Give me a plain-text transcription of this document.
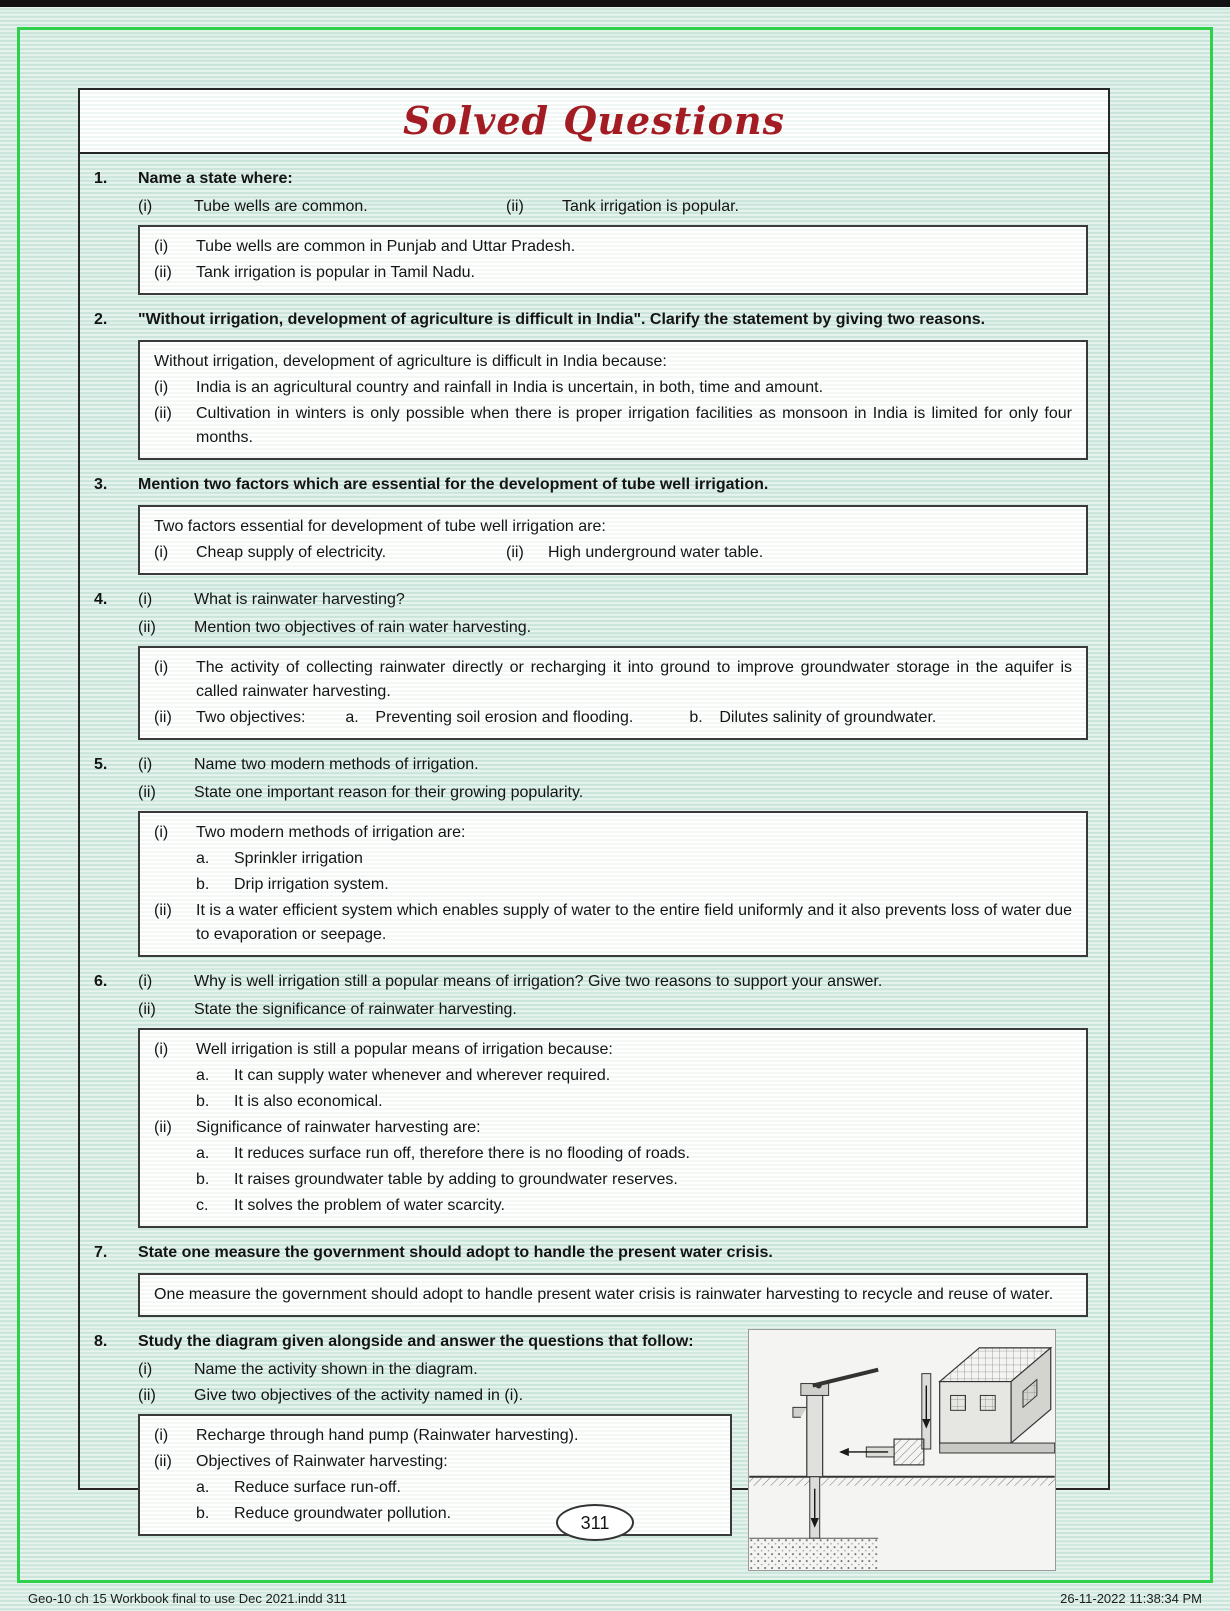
Solved Questions
1.	Name a state where:
(i)	Tube wells are common.	(ii)	Tank irrigation is popular.
(i)	Tube wells are common in Punjab and Uttar Pradesh.
(ii)	Tank irrigation is popular in Tamil Nadu.
2.	"Without irrigation, development of agriculture is difficult in India". Clarify the statement by giving two reasons.
Without irrigation, development of agriculture is difficult in India because:
(i)	India is an agricultural country and rainfall in India is uncertain, in both, time and amount.
(ii)	Cultivation in winters is only possible when there is proper irrigation facilities as monsoon in India is limited for only four months.
3.	Mention two factors which are essential for the development of tube well irrigation.
Two factors essential for development of tube well irrigation are:
(i)	Cheap supply of electricity.	(ii)	High underground water table.
4.	(i)	What is rainwater harvesting?
(ii)	Mention two objectives of rain water harvesting.
(i)	The activity of collecting rainwater directly or recharging it into ground to improve groundwater storage in the aquifer is called rainwater harvesting.
(ii)	Two objectives:	a.	Preventing soil erosion and flooding.	b.	Dilutes salinity of groundwater.
5.	(i)	Name two modern methods of irrigation.
(ii)	State one important reason for their growing popularity.
(i)	Two modern methods of irrigation are:
a.	Sprinkler irrigation
b.	Drip irrigation system.
(ii)	It is a water efficient system which enables supply of water to the entire field uniformly and it also prevents loss of water due to evaporation or seepage.
6.	(i)	Why is well irrigation still a popular means of irrigation? Give two reasons to support your answer.
(ii)	State the significance of rainwater harvesting.
(i)	Well irrigation is still a popular means of irrigation because:
a.	It can supply water whenever and wherever required.
b.	It is also economical.
(ii)	Significance of rainwater harvesting are:
a.	It reduces surface run off, therefore there is no flooding of roads.
b.	It raises groundwater table by adding to groundwater reserves.
c.	It solves the problem of water scarcity.
7.	State one measure the government should adopt to handle the present water crisis.
One measure the government should adopt to handle present water crisis is rainwater harvesting to recycle and reuse of water.
8.	Study the diagram given alongside and answer the questions that follow:
(i)	Name the activity shown in the diagram.
(ii)	Give two objectives of the activity named in (i).
(i)	Recharge through hand pump (Rainwater harvesting).
(ii)	Objectives of Rainwater harvesting:
a.	Reduce surface run-off.
b.	Reduce groundwater pollution.	311
Geo-10 ch 15 Workbook final to use Dec 2021.indd 311	26-11-2022 11:38:34 PM
